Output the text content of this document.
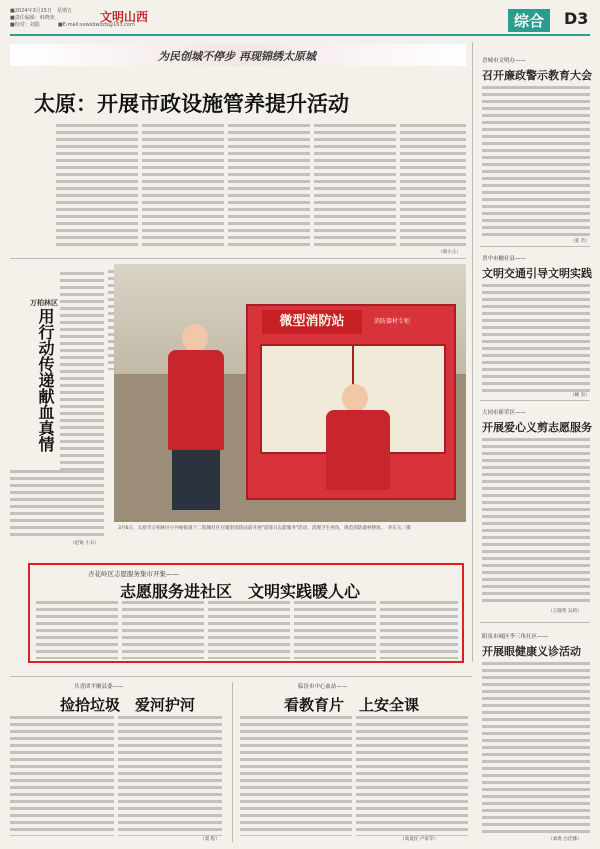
■2024年3月15日　星期五
■责任编辑：韩晓欢
■校对：刘聪	■E-mail:sxwsbwzzb@163.com
文明山西	综合	D3
为民创城不停步 再现锦绣太原城
太原：开展市政设施管养提升活动
（梁小玉）
万柏林区
用行动传递献血真情
（赵锐 小石）
微型消防站	消防器材专柜
3月6日，太原市万柏林区小井峪街道十二院城社区在微型消防站前开展"雷锋日志愿服务"活动，清理卫生死角，规范消防器材摆放。　李东玉／摄
杏花岭区志愿服务集市开集——
志愿服务进社区　文明实践暖人心
晋城市文明办——
召开廉政警示教育大会
（张 若）
晋中市榆社县——
文明交通引导文明实践
（姚 崇）
大同市新荣区——
开展爱心义剪志愿服务
（王晓英 吴莉）
阳泉市城区李三角社区——
开展眼健康义诊活动
（刘禹 白佳娜）
共青团平顺县委——
捡拾垃圾　爱河护河
（窦 程）
临汾市中心血站——
看教育片　上安全课
（高爱民 卢家苹）
